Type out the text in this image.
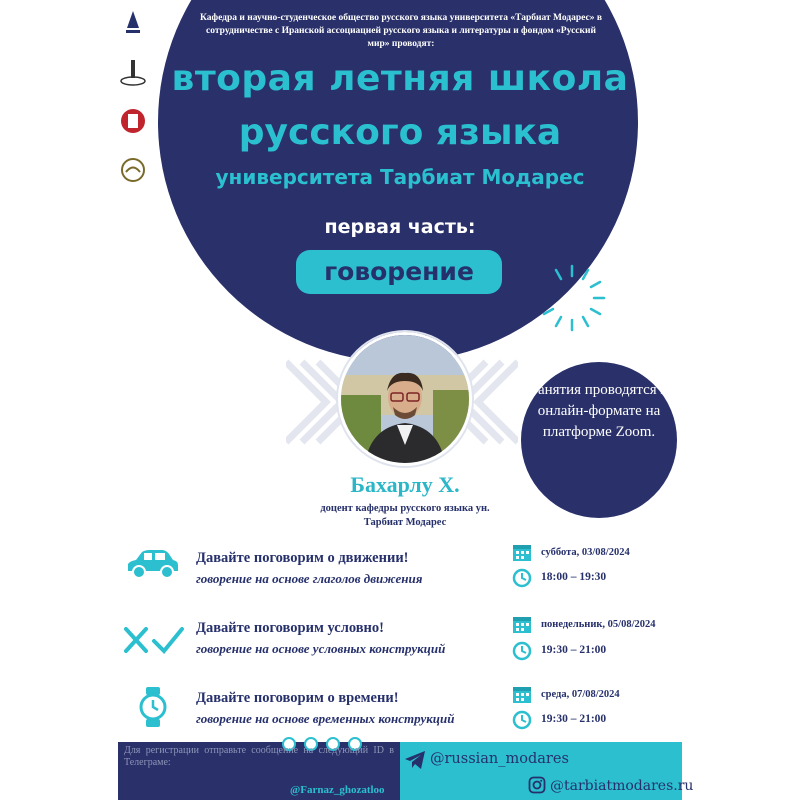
Кафедра и научно-студенческое общество русского языка университета «Тарбиат Модарес» в сотрудничестве с Иранской ассоциацией русского языка и литературы и фондом «Русский мир» проводят:
вторая летняя школа
русского языка
университета Тарбиат Модарес
первая часть:
говорение
Занятия проводятся в онлайн-формате на платформе Zoom.
Бахарлу Х.
доцент кафедры русского языка ун.
Тарбиат Модарес
Давайте поговорим о движении!
говорение на основе глаголов движения
суббота, 03/08/2024
18:00 – 19:30
Давайте поговорим условно!
говорение на основе условных конструкций
понедельник, 05/08/2024
19:30 – 21:00
Давайте поговорим о времени!
говорение на основе временных конструкций
среда, 07/08/2024
19:30 – 21:00
Для регистрации отправьте сообщение на следующий ID в Телеграме:
@Farnaz_ghozatloo
@russian_modares
@tarbiatmodares.ru
